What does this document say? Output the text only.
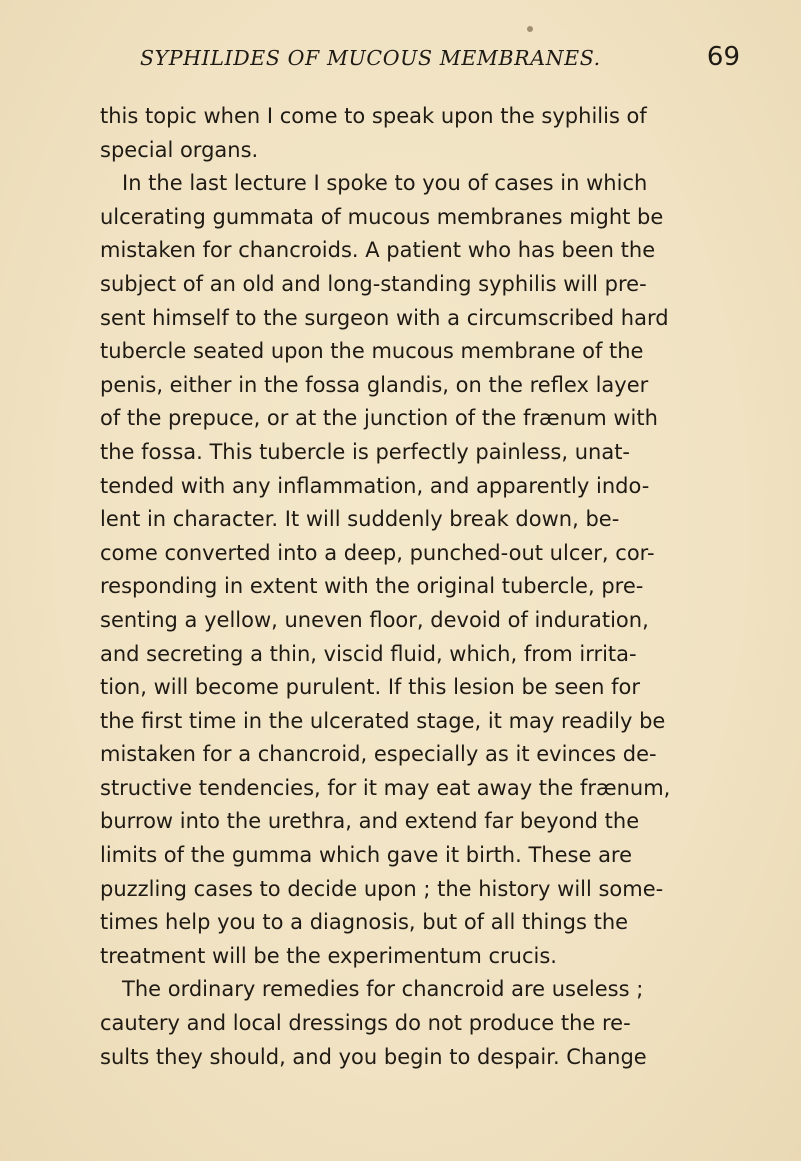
SYPHILIDES OF MUCOUS MEMBRANES.	69
this topic when I come to speak upon the syphilis of
special organs.
In the last lecture I spoke to you of cases in which
ulcerating gummata of mucous membranes might be
mistaken for chancroids. A patient who has been the
subject of an old and long-standing syphilis will pre-
sent himself to the surgeon with a circumscribed hard
tubercle seated upon the mucous membrane of the
penis, either in the fossa glandis, on the reflex layer
of the prepuce, or at the junction of the frænum with
the fossa. This tubercle is perfectly painless, unat-
tended with any inflammation, and apparently indo-
lent in character. It will suddenly break down, be-
come converted into a deep, punched-out ulcer, cor-
responding in extent with the original tubercle, pre-
senting a yellow, uneven floor, devoid of induration,
and secreting a thin, viscid fluid, which, from irrita-
tion, will become purulent. If this lesion be seen for
the first time in the ulcerated stage, it may readily be
mistaken for a chancroid, especially as it evinces de-
structive tendencies, for it may eat away the frænum,
burrow into the urethra, and extend far beyond the
limits of the gumma which gave it birth. These are
puzzling cases to decide upon ; the history will some-
times help you to a diagnosis, but of all things the
treatment will be the experimentum crucis.
The ordinary remedies for chancroid are useless ;
cautery and local dressings do not produce the re-
sults they should, and you begin to despair. Change
